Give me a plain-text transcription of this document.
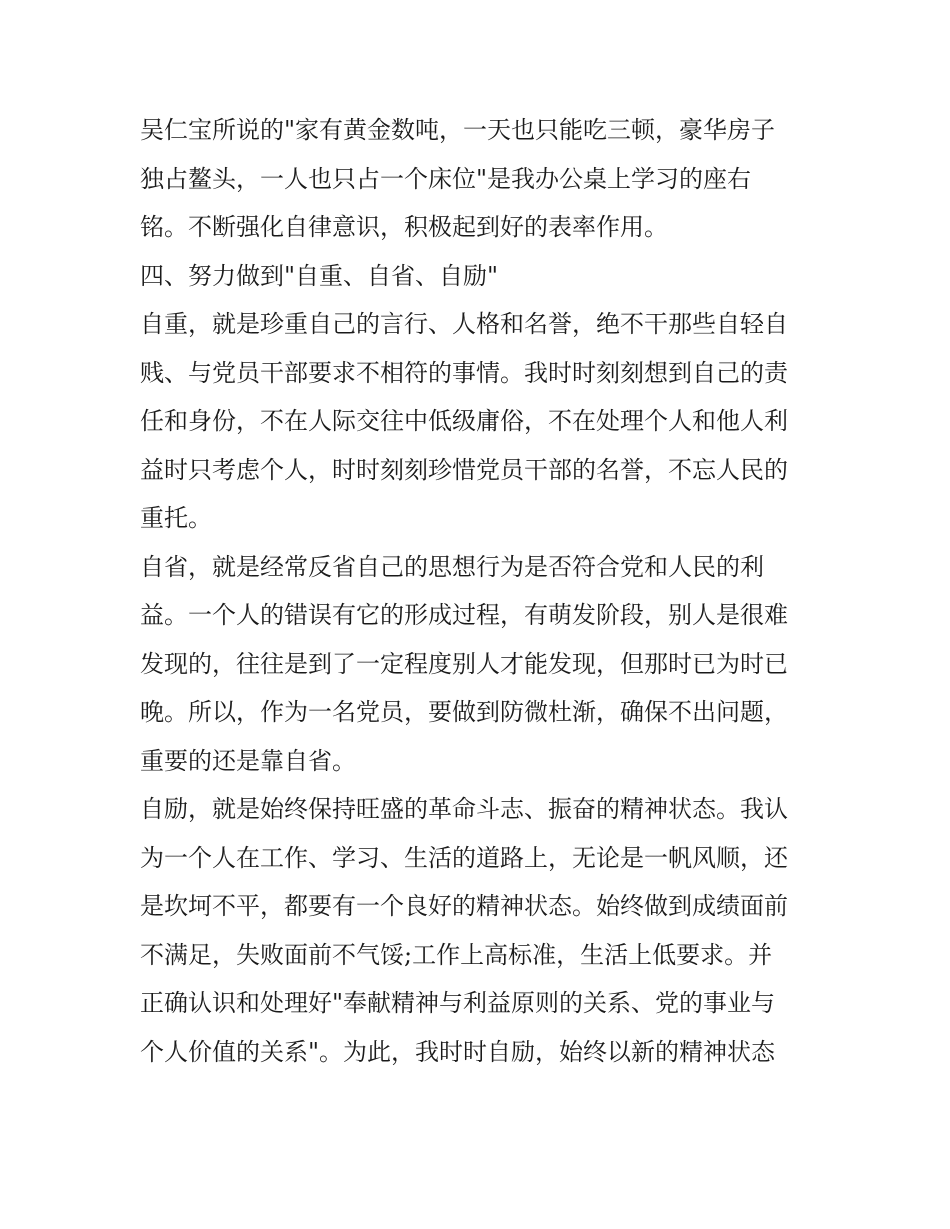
吴仁宝所说的"家有黄金数吨，一天也只能吃三顿，豪华房子
独占鳌头，一人也只占一个床位"是我办公桌上学习的座右
铭。不断强化自律意识，积极起到好的表率作用。
四、努力做到"自重、自省、自励"
自重，就是珍重自己的言行、人格和名誉，绝不干那些自轻自
贱、与党员干部要求不相符的事情。我时时刻刻想到自己的责
任和身份，不在人际交往中低级庸俗，不在处理个人和他人利
益时只考虑个人，时时刻刻珍惜党员干部的名誉，不忘人民的
重托。
自省，就是经常反省自己的思想行为是否符合党和人民的利
益。一个人的错误有它的形成过程，有萌发阶段，别人是很难
发现的，往往是到了一定程度别人才能发现，但那时已为时已
晚。所以，作为一名党员，要做到防微杜渐，确保不出问题，
重要的还是靠自省。
自励，就是始终保持旺盛的革命斗志、振奋的精神状态。我认
为一个人在工作、学习、生活的道路上，无论是一帆风顺，还
是坎坷不平，都要有一个良好的精神状态。始终做到成绩面前
不满足，失败面前不气馁;工作上高标准，生活上低要求。并
正确认识和处理好"奉献精神与利益原则的关系、党的事业与
个人价值的关系"。为此，我时时自励，始终以新的精神状态
